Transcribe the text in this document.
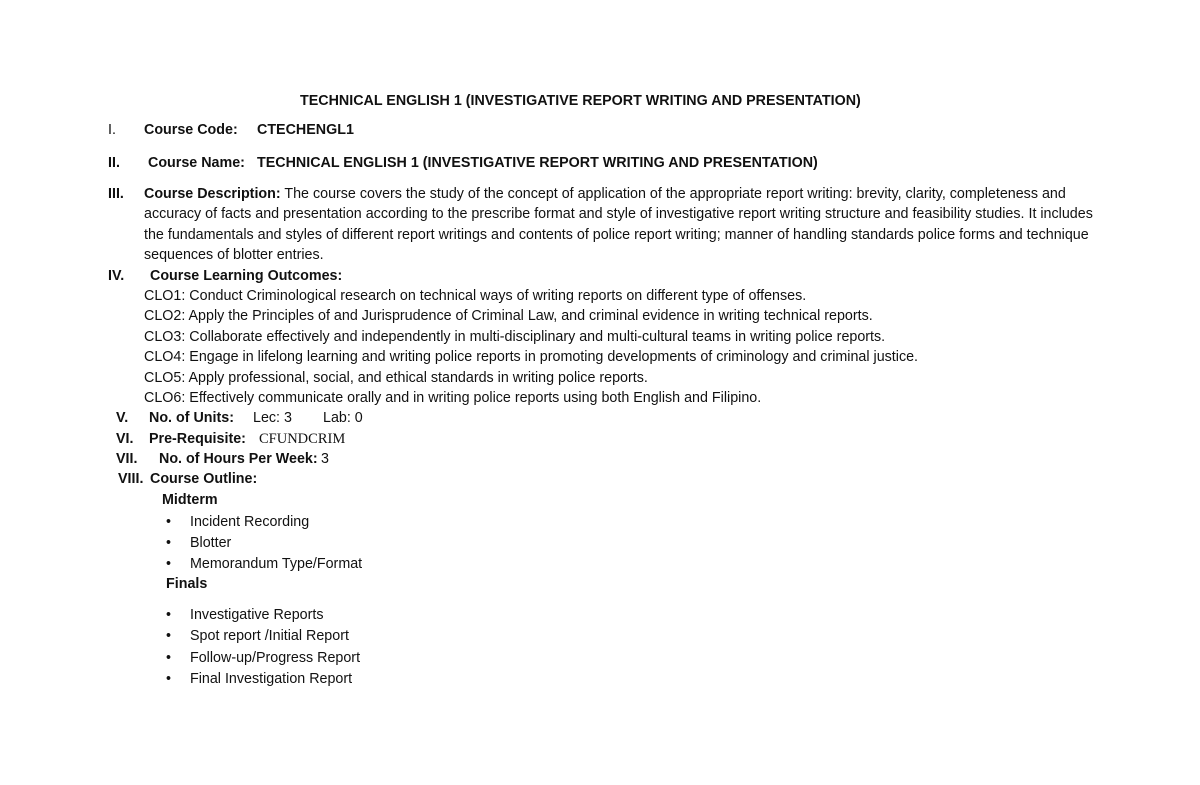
TECHNICAL ENGLISH 1 (INVESTIGATIVE REPORT WRITING AND PRESENTATION)
I. Course Code: CTECHENGL1
II. Course Name: TECHNICAL ENGLISH 1 (INVESTIGATIVE REPORT WRITING AND PRESENTATION)
III. Course Description: The course covers the study of the concept of application of the appropriate report writing: brevity, clarity, completeness and accuracy of facts and presentation according to the prescribe format and style of investigative report writing structure and feasibility studies. It includes the fundamentals and styles of different report writings and contents of police report writing; manner of handling standards police forms and technique sequences of blotter entries.
IV. Course Learning Outcomes:
CLO1: Conduct Criminological research on technical ways of writing reports on different type of offenses.
CLO2: Apply the Principles of and Jurisprudence of Criminal Law, and criminal evidence in writing technical reports.
CLO3: Collaborate effectively and independently in multi-disciplinary and multi-cultural teams in writing police reports.
CLO4: Engage in lifelong learning and writing police reports in promoting developments of criminology and criminal justice.
CLO5: Apply professional, social, and ethical standards in writing police reports.
CLO6: Effectively communicate orally and in writing police reports using both English and Filipino.
V. No. of Units: Lec: 3 Lab: 0
VI. Pre-Requisite: CFUNDCRIM
VII. No. of Hours Per Week: 3
VIII. Course Outline:
Midterm
• Incident Recording
• Blotter
• Memorandum Type/Format
Finals
• Investigative Reports
• Spot report /Initial Report
• Follow-up/Progress Report
• Final Investigation Report
